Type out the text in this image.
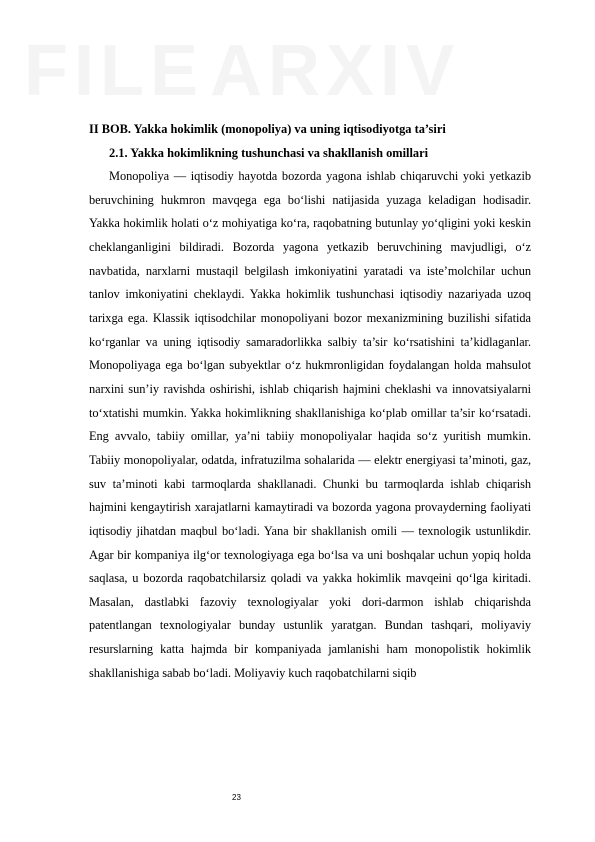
FILE ARXIV

II BOB. Yakka hokimlik (monopoliya) va uning iqtisodiyotga ta’siri

2.1. Yakka hokimlikning tushunchasi va shakllanish omillari

Monopoliya — iqtisodiy hayotda bozorda yagona ishlab chiqaruvchi yoki yetkazib beruvchining hukmron mavqega ega bo‘lishi natijasida yuzaga keladigan hodisadir. Yakka hokimlik holati o‘z mohiyatiga ko‘ra, raqobatning butunlay yo‘qligini yoki keskin cheklanganligini bildiradi. Bozorda yagona yetkazib beruvchining mavjudligi, o‘z navbatida, narxlarni mustaqil belgilash imkoniyatini yaratadi va iste’molchilar uchun tanlov imkoniyatini cheklaydi. Yakka hokimlik tushunchasi iqtisodiy nazariyada uzoq tarixga ega. Klassik iqtisodchilar monopoliyani bozor mexanizmining buzilishi sifatida ko‘rganlar va uning iqtisodiy samaradorlikka salbiy ta’sir ko‘rsatishini ta’kidlaganlar. Monopoliyaga ega bo‘lgan subyektlar o‘z hukmronligidan foydalangan holda mahsulot narxini sun’iy ravishda oshirishi, ishlab chiqarish hajmini cheklashi va innovatsiyalarni to‘xtatishi mumkin. Yakka hokimlikning shakllanishiga ko‘plab omillar ta’sir ko‘rsatadi. Eng avvalo, tabiiy omillar, ya’ni tabiiy monopoliyalar haqida so‘z yuritish mumkin. Tabiiy monopoliyalar, odatda, infratuzilma sohalarida — elektr energiyasi ta’minoti, gaz, suv ta’minoti kabi tarmoqlarda shakllanadi. Chunki bu tarmoqlarda ishlab chiqarish hajmini kengaytirish xarajatlarni kamaytiradi va bozorda yagona provayderning faoliyati iqtisodiy jihatdan maqbul bo‘ladi. Yana bir shakllanish omili — texnologik ustunlikdir. Agar bir kompaniya ilg‘or texnologiyaga ega bo‘lsa va uni boshqalar uchun yopiq holda saqlasa, u bozorda raqobatchilarsiz qoladi va yakka hokimlik mavqeini qo‘lga kiritadi. Masalan, dastlabki fazoviy texnologiyalar yoki dori-darmon ishlab chiqarishda patentlangan texnologiyalar bunday ustunlik yaratgan. Bundan tashqari, moliyaviy resurslarning katta hajmda bir kompaniyada jamlanishi ham monopolistik hokimlik shakllanishiga sabab bo‘ladi. Moliyaviy kuch raqobatchilarni siqib

23
